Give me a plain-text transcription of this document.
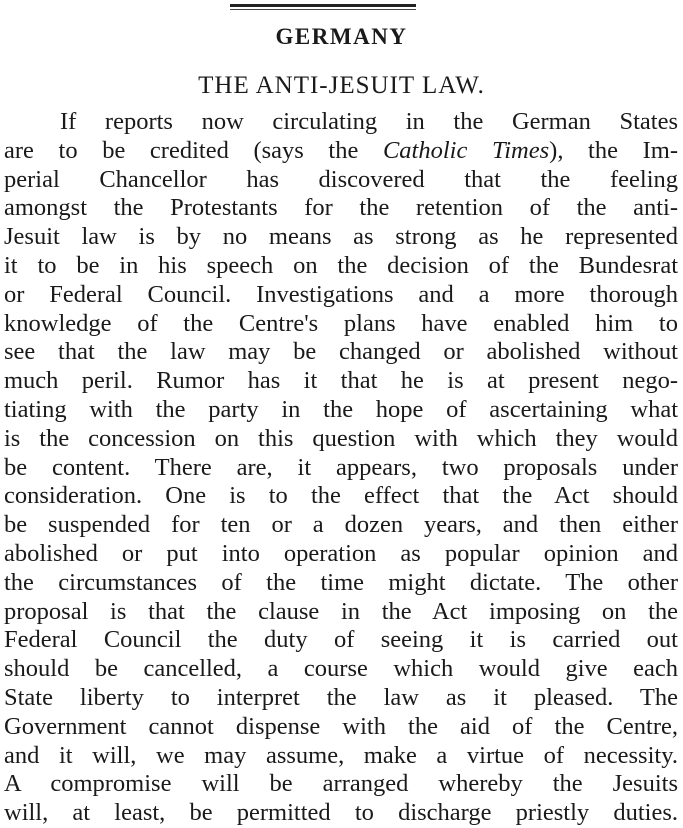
GERMANY
THE ANTI-JESUIT LAW.
If reports now circulating in the German States
are to be credited (says the Catholic Times), the Im-
perial Chancellor has discovered that the feeling
amongst the Protestants for the retention of the anti-
Jesuit law is by no means as strong as he represented
it to be in his speech on the decision of the Bundesrat
or Federal Council. Investigations and a more thorough
knowledge of the Centre's plans have enabled him to
see that the law may be changed or abolished without
much peril. Rumor has it that he is at present nego-
tiating with the party in the hope of ascertaining what
is the concession on this question with which they would
be content. There are, it appears, two proposals under
consideration. One is to the effect that the Act should
be suspended for ten or a dozen years, and then either
abolished or put into operation as popular opinion and
the circumstances of the time might dictate. The other
proposal is that the clause in the Act imposing on the
Federal Council the duty of seeing it is carried out
should be cancelled, a course which would give each
State liberty to interpret the law as it pleased. The
Government cannot dispense with the aid of the Centre,
and it will, we may assume, make a virtue of necessity.
A compromise will be arranged whereby the Jesuits
will, at least, be permitted to discharge priestly duties.
